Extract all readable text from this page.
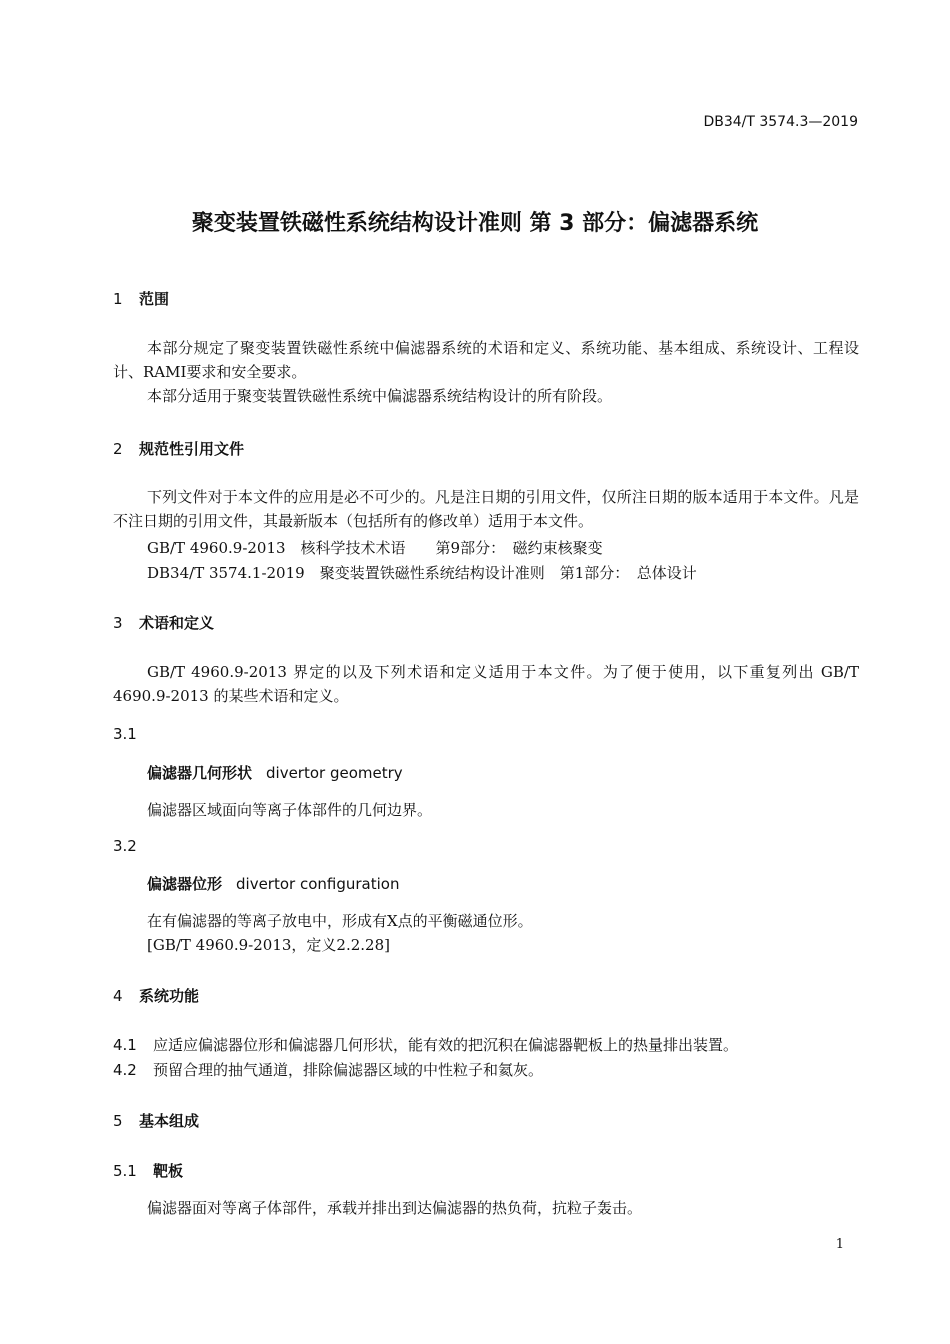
DB34/T 3574.3—2019
聚变装置铁磁性系统结构设计准则 第 3 部分：偏滤器系统
1 范围
本部分规定了聚变装置铁磁性系统中偏滤器系统的术语和定义、系统功能、基本组成、系统设计、工程设计、RAMI要求和安全要求。
本部分适用于聚变装置铁磁性系统中偏滤器系统结构设计的所有阶段。
2 规范性引用文件
下列文件对于本文件的应用是必不可少的。凡是注日期的引用文件，仅所注日期的版本适用于本文件。凡是不注日期的引用文件，其最新版本（包括所有的修改单）适用于本文件。
GB/T 4960.9-2013　核科学技术术语　　第9部分：　磁约束核聚变
DB34/T 3574.1-2019　聚变装置铁磁性系统结构设计准则　第1部分：　总体设计
3 术语和定义
GB/T 4960.9-2013 界定的以及下列术语和定义适用于本文件。为了便于使用，以下重复列出 GB/T 4690.9-2013 的某些术语和定义。
3.1
偏滤器几何形状 divertor geometry
偏滤器区域面向等离子体部件的几何边界。
3.2
偏滤器位形 divertor configuration
在有偏滤器的等离子放电中，形成有X点的平衡磁通位形。
[GB/T 4960.9-2013，定义2.2.28]
4 系统功能
4.1 应适应偏滤器位形和偏滤器几何形状，能有效的把沉积在偏滤器靶板上的热量排出装置。
4.2 预留合理的抽气通道，排除偏滤器区域的中性粒子和氦灰。
5 基本组成
5.1 靶板
偏滤器面对等离子体部件，承载并排出到达偏滤器的热负荷，抗粒子轰击。
1
